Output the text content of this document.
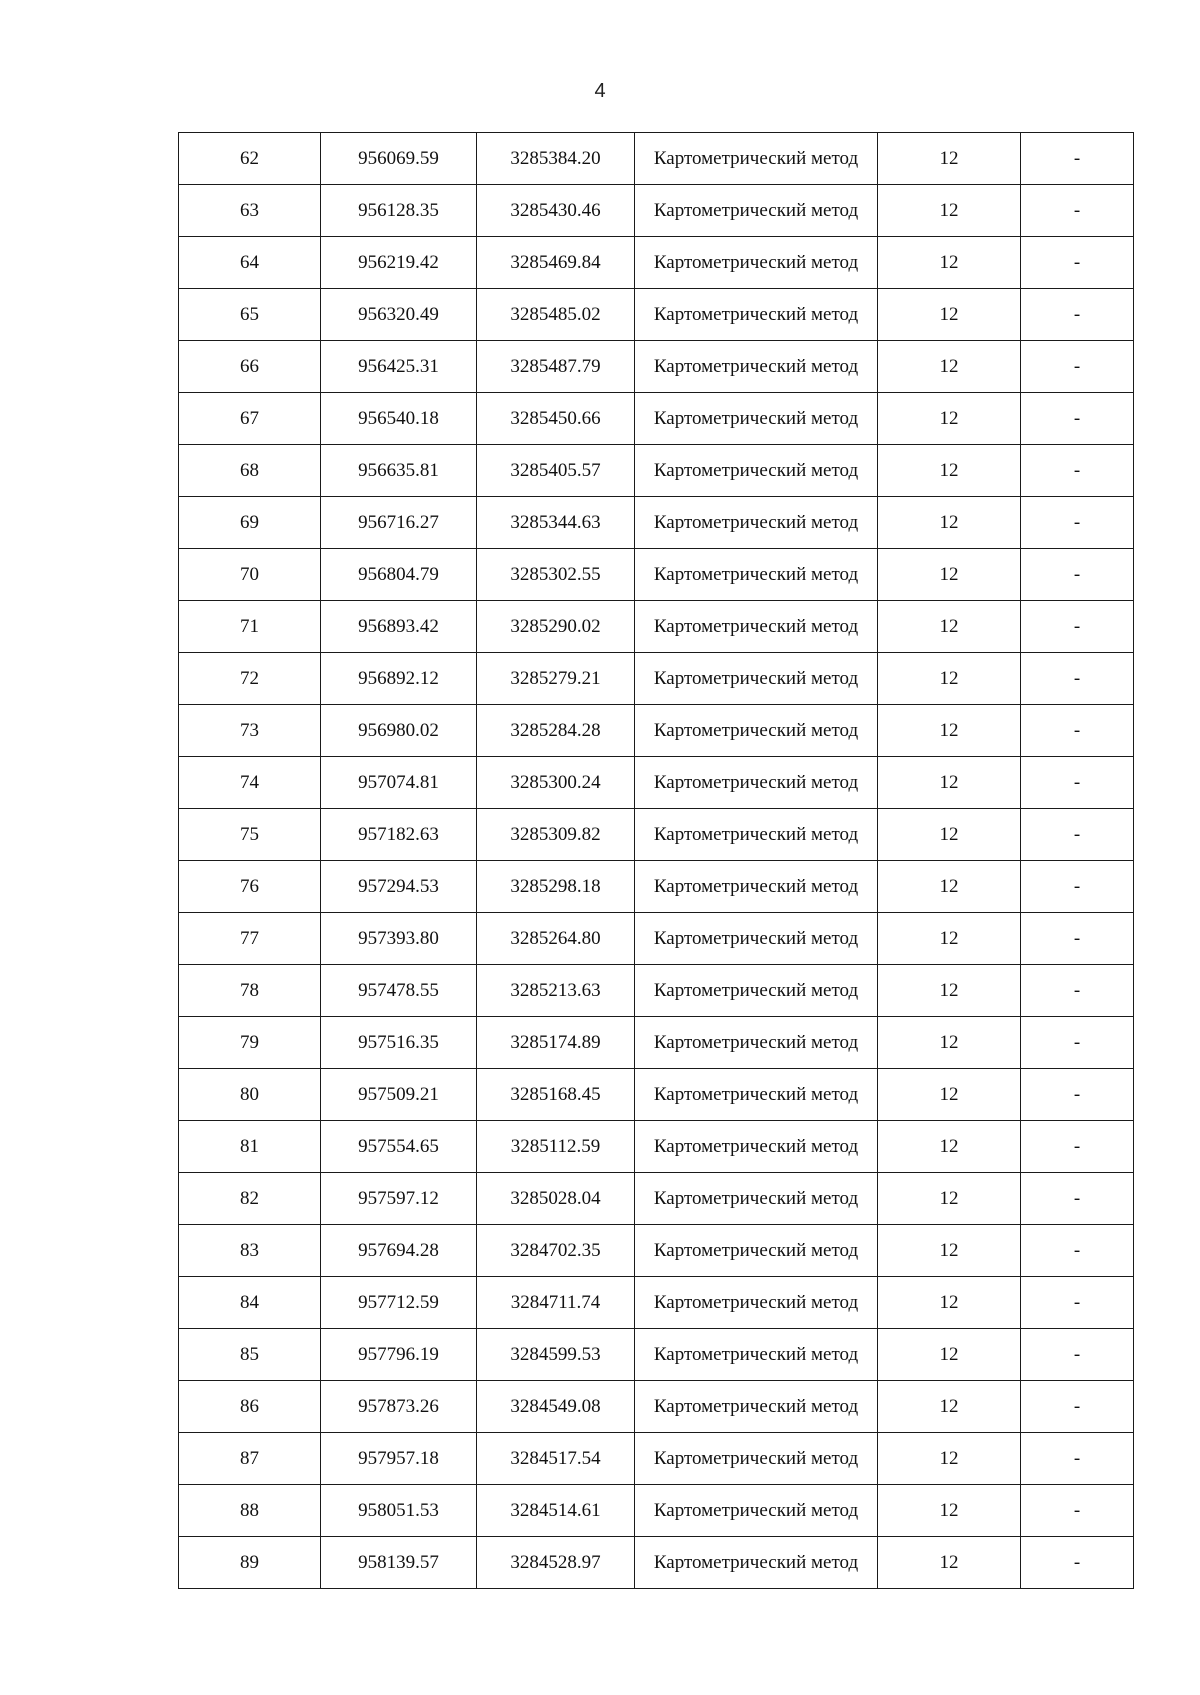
4
62	956069.59	3285384.20	Картометрический метод	12	-
63	956128.35	3285430.46	Картометрический метод	12	-
64	956219.42	3285469.84	Картометрический метод	12	-
65	956320.49	3285485.02	Картометрический метод	12	-
66	956425.31	3285487.79	Картометрический метод	12	-
67	956540.18	3285450.66	Картометрический метод	12	-
68	956635.81	3285405.57	Картометрический метод	12	-
69	956716.27	3285344.63	Картометрический метод	12	-
70	956804.79	3285302.55	Картометрический метод	12	-
71	956893.42	3285290.02	Картометрический метод	12	-
72	956892.12	3285279.21	Картометрический метод	12	-
73	956980.02	3285284.28	Картометрический метод	12	-
74	957074.81	3285300.24	Картометрический метод	12	-
75	957182.63	3285309.82	Картометрический метод	12	-
76	957294.53	3285298.18	Картометрический метод	12	-
77	957393.80	3285264.80	Картометрический метод	12	-
78	957478.55	3285213.63	Картометрический метод	12	-
79	957516.35	3285174.89	Картометрический метод	12	-
80	957509.21	3285168.45	Картометрический метод	12	-
81	957554.65	3285112.59	Картометрический метод	12	-
82	957597.12	3285028.04	Картометрический метод	12	-
83	957694.28	3284702.35	Картометрический метод	12	-
84	957712.59	3284711.74	Картометрический метод	12	-
85	957796.19	3284599.53	Картометрический метод	12	-
86	957873.26	3284549.08	Картометрический метод	12	-
87	957957.18	3284517.54	Картометрический метод	12	-
88	958051.53	3284514.61	Картометрический метод	12	-
89	958139.57	3284528.97	Картометрический метод	12	-
